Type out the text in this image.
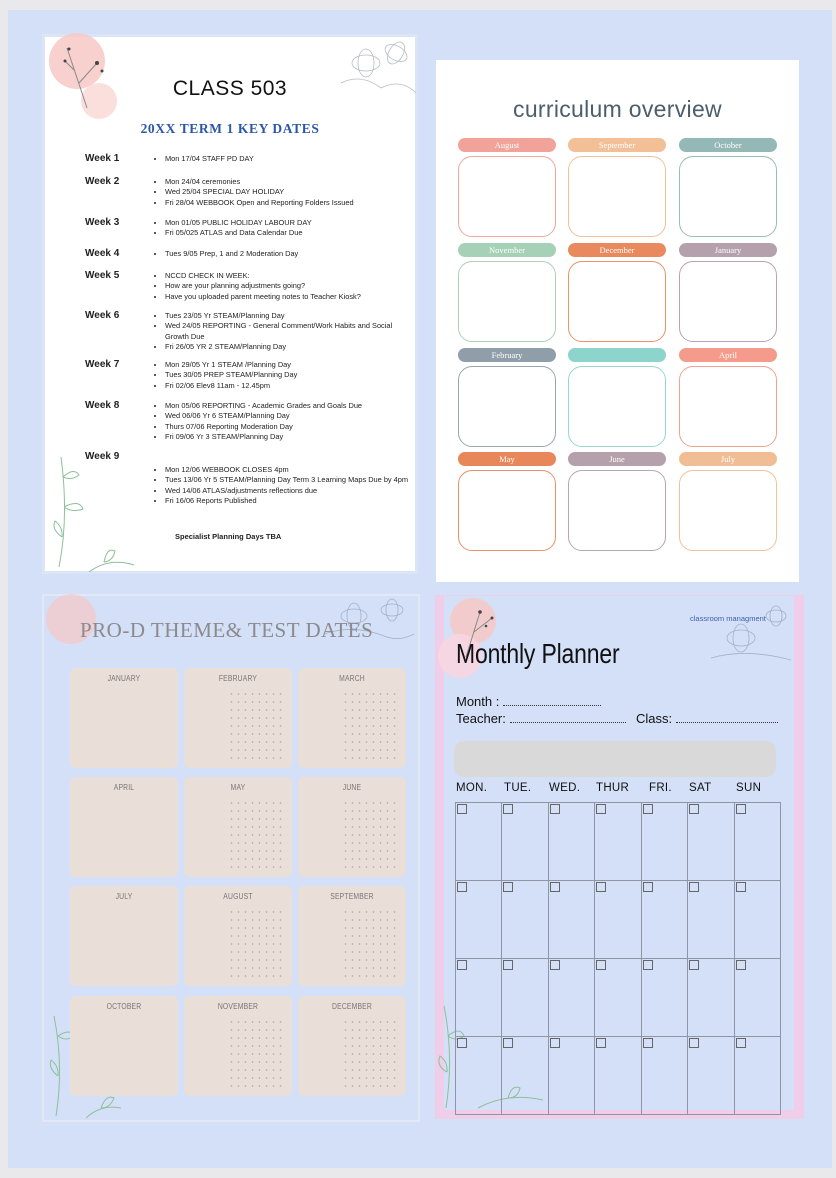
CLASS 503
20XX TERM 1 KEY DATES
Week 1	• Mon 17/04 STAFF PD DAY
Week 2	• Mon 24/04 ceremonies
• Wed 25/04 SPECIAL DAY HOLIDAY
• Fri 28/04 WEBBOOK Open and Reporting Folders Issued
Week 3	• Mon 01/05 PUBLIC HOLIDAY LABOUR DAY
• Fri 05/025 ATLAS and Data Calendar Due
Week 4	• Tues 9/05 Prep, 1 and 2 Moderation Day
Week 5	• NCCD CHECK IN WEEK:
• How are your planning adjustments going?
• Have you uploaded parent meeting notes to Teacher Kiosk?
Week 6	• Tues 23/05 Yr STEAM/Planning Day
• Wed 24/05 REPORTING - General Comment/Work Habits and Social Growth Due
• Fri 26/05 YR 2 STEAM/Planning Day
Week 7	• Mon 29/05 Yr 1 STEAM /Planning Day
• Tues 30/05 PREP STEAM/Planning Day
• Fri 02/06 Elev8 11am - 12.45pm
Week 8	• Mon 05/06 REPORTING - Academic Grades and Goals Due
• Wed 06/06 Yr 6 STEAM/Planning Day
• Thurs 07/06 Reporting Moderation Day
• Fri 09/06 Yr 3 STEAM/Planning Day
Week 9
• Mon 12/06 WEBBOOK CLOSES 4pm
• Tues 13/06 Yr 5 STEAM/Planning Day Term 3 Learning Maps Due by 4pm
• Wed 14/06 ATLAS/adjustments reflections due
• Fri 16/06 Reports Published
Specialist Planning Days TBA
curriculum overview
August	September	October
November	December	January
February	April
May	June	July
PRO-D THEME& TEST DATES
JANUARY	FEBRUARY	MARCH
APRIL	MAY	JUNE
JULY	AUGUST	SEPTEMBER
OCTOBER	NOVEMBER	DECEMBER
classroom managment
Monthly Planner
Month :
Teacher:	Class:
MON. TUE. WED. THUR FRI. SAT SUN
